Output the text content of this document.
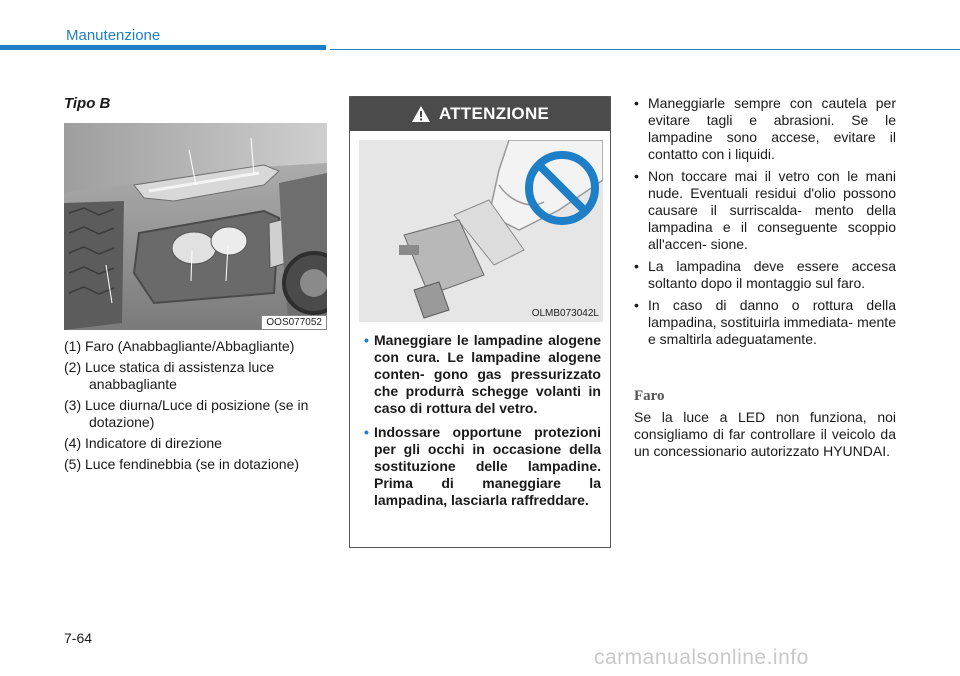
Manutenzione
Tipo B
OOS077052
(1) Faro (Anabbagliante/Abbagliante)
(2) Luce statica di assistenza luce anabbagliante
(3) Luce diurna/Luce di posizione (se in dotazione)
(4) Indicatore di direzione
(5) Luce fendinebbia (se in dotazione)
ATTENZIONE
OLMB073042L
• Maneggiare le lampadine alogene con cura. Le lampadine alogene conten- gono gas pressurizzato che produrrà schegge volanti in caso di rottura del vetro.
• Indossare opportune protezioni per gli occhi in occasione della sostituzione delle lampadine. Prima di maneggiare la lampadina, lasciarla raffreddare.
• Maneggiarle sempre con cautela per evitare tagli e abrasioni. Se le lampadine sono accese, evitare il contatto con i liquidi.
• Non toccare mai il vetro con le mani nude. Eventuali residui d'olio possono causare il surriscalda- mento della lampadina e il conseguente scoppio all'accen- sione.
• La lampadina deve essere accesa soltanto dopo il montaggio sul faro.
• In caso di danno o rottura della lampadina, sostituirla immediata- mente e smaltirla adeguatamente.
Faro
Se la luce a LED non funziona, noi consigliamo di far controllare il veicolo da un concessionario autorizzato HYUNDAI.
7-64
carmanualsonline.info
